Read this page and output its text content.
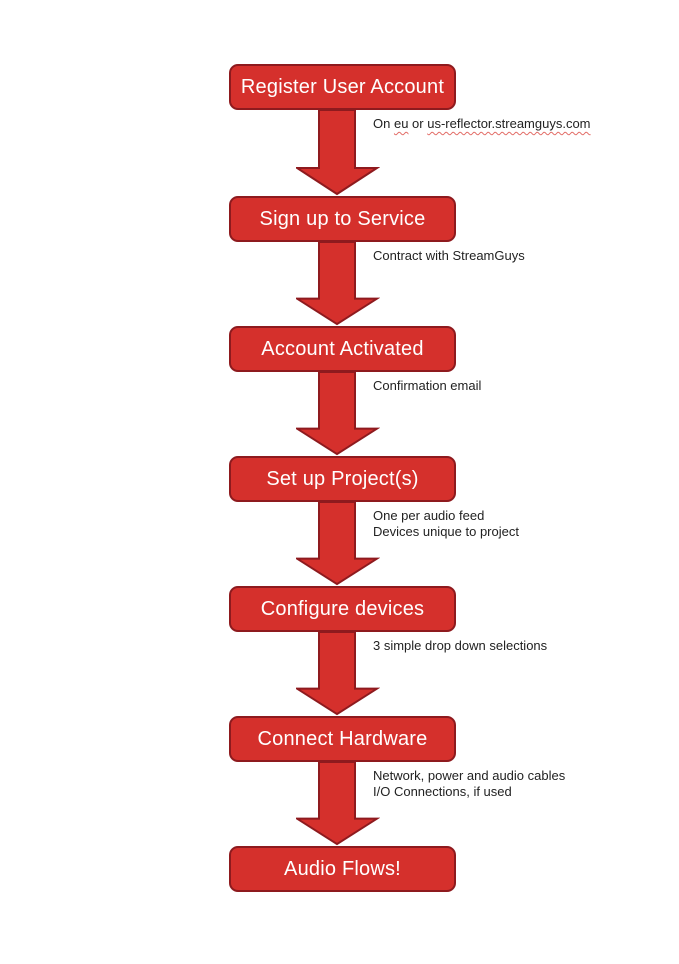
Register User Account
On eu or us-reflector.streamguys.com
Sign up to Service
Contract with StreamGuys
Account Activated
Confirmation email
Set up Project(s)
One per audio feed
Devices unique to project
Configure devices
3 simple drop down selections
Connect Hardware
Network, power and audio cables
I/O Connections, if used
Audio Flows!
